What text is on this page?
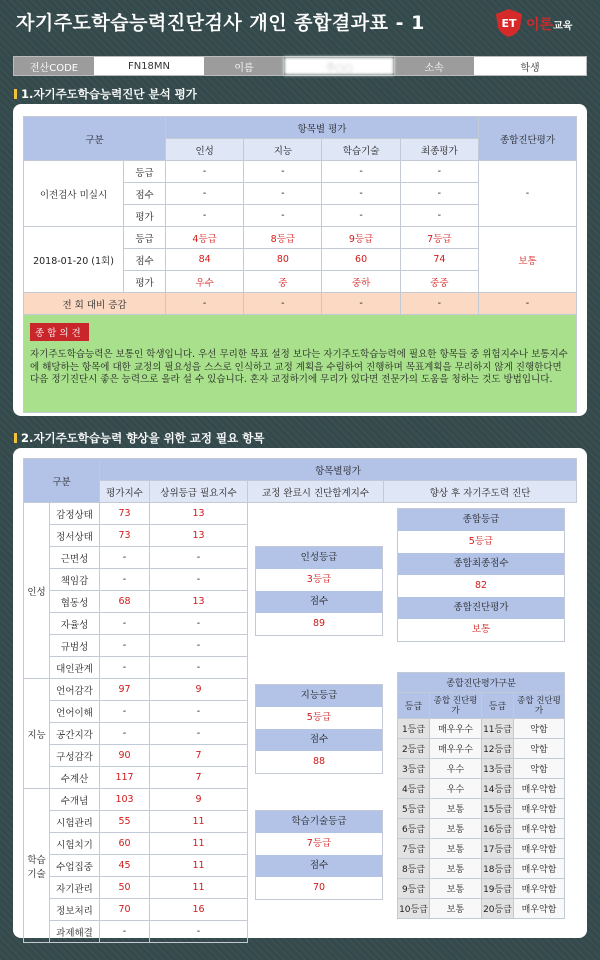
자기주도학습능력진단검사 개인 종합결과표 - 1	ET 이론교육
전산CODE	FN18MN	이름	주○○	소속	학생
1.자기주도학습능력진단 분석 평가
구분		항목별 평가				종합진단평가
		인성	지능	학습기술	최종평가	
이전검사 미실시	등급	-	-	-	-	-
	점수	-	-	-	-	
	평가	-	-	-	-	
2018-01-20 (1회)	등급	4등급	8등급	9등급	7등급	보통
	점수	84	80	60	74	
	평가	우수	중	중하	중중	
전 회 대비 증감		-	-	-	-	-
종합의견
자기주도학습능력은 보통인 학생입니다. 우선 무리한 목표 설정 보다는 자기주도학습능력에 필요한 항목들 중 위험지수나 보통지수에 해당하는 항목에 대한 교정의 필요성을 스스로 인식하고 교정 계획을 수립하여 진행하며 목표계획을 무리하지 않게 진행한다면 다음 정기진단시 좋은 능력으로 올라 설 수 있습니다. 혼자 교정하기에 무리가 있다면 전문가의 도움을 청하는 것도 방법입니다.
2.자기주도학습능력 향상을 위한 교정 필요 항목
구분		항목별평가			
		평가지수	상위등급 필요지수	교정 완료시 진단합계지수	향상 후 자기주도력 진단
인성	감정상태	73	13		
	정서상태	73	13		
	근면성	-	-		
	책임감	-	-		
	협동성	68	13		
	자율성	-	-		
	규범성	-	-		
	대인관계	-	-		
지능	언어감각	97	9		
	언어이해	-	-		
	공간지각	-	-		
	구성감각	90	7		
	수계산	117	7		
학습기술	수개념	103	9		
	시험관리	55	11		
	시험치기	60	11		
	수업집중	45	11		
	자기관리	50	11		
	정보처리	70	16		
	과제해결	-	-		
인성등급
3등급
점수
89
지능등급
5등급
점수
88
학습기술등급
7등급
점수
70
종합등급
5등급
종합최종점수
82
종합진단평가
보통
종합진단평가구분			
등급	종합 진단평가	등급	종합 진단평가
1등급	매우우수	11등급	약함
2등급	매우우수	12등급	약함
3등급	우수	13등급	약함
4등급	우수	14등급	매우약함
5등급	보통	15등급	매우약함
6등급	보통	16등급	매우약함
7등급	보통	17등급	매우약함
8등급	보통	18등급	매우약함
9등급	보통	19등급	매우약함
10등급	보통	20등급	매우약함
